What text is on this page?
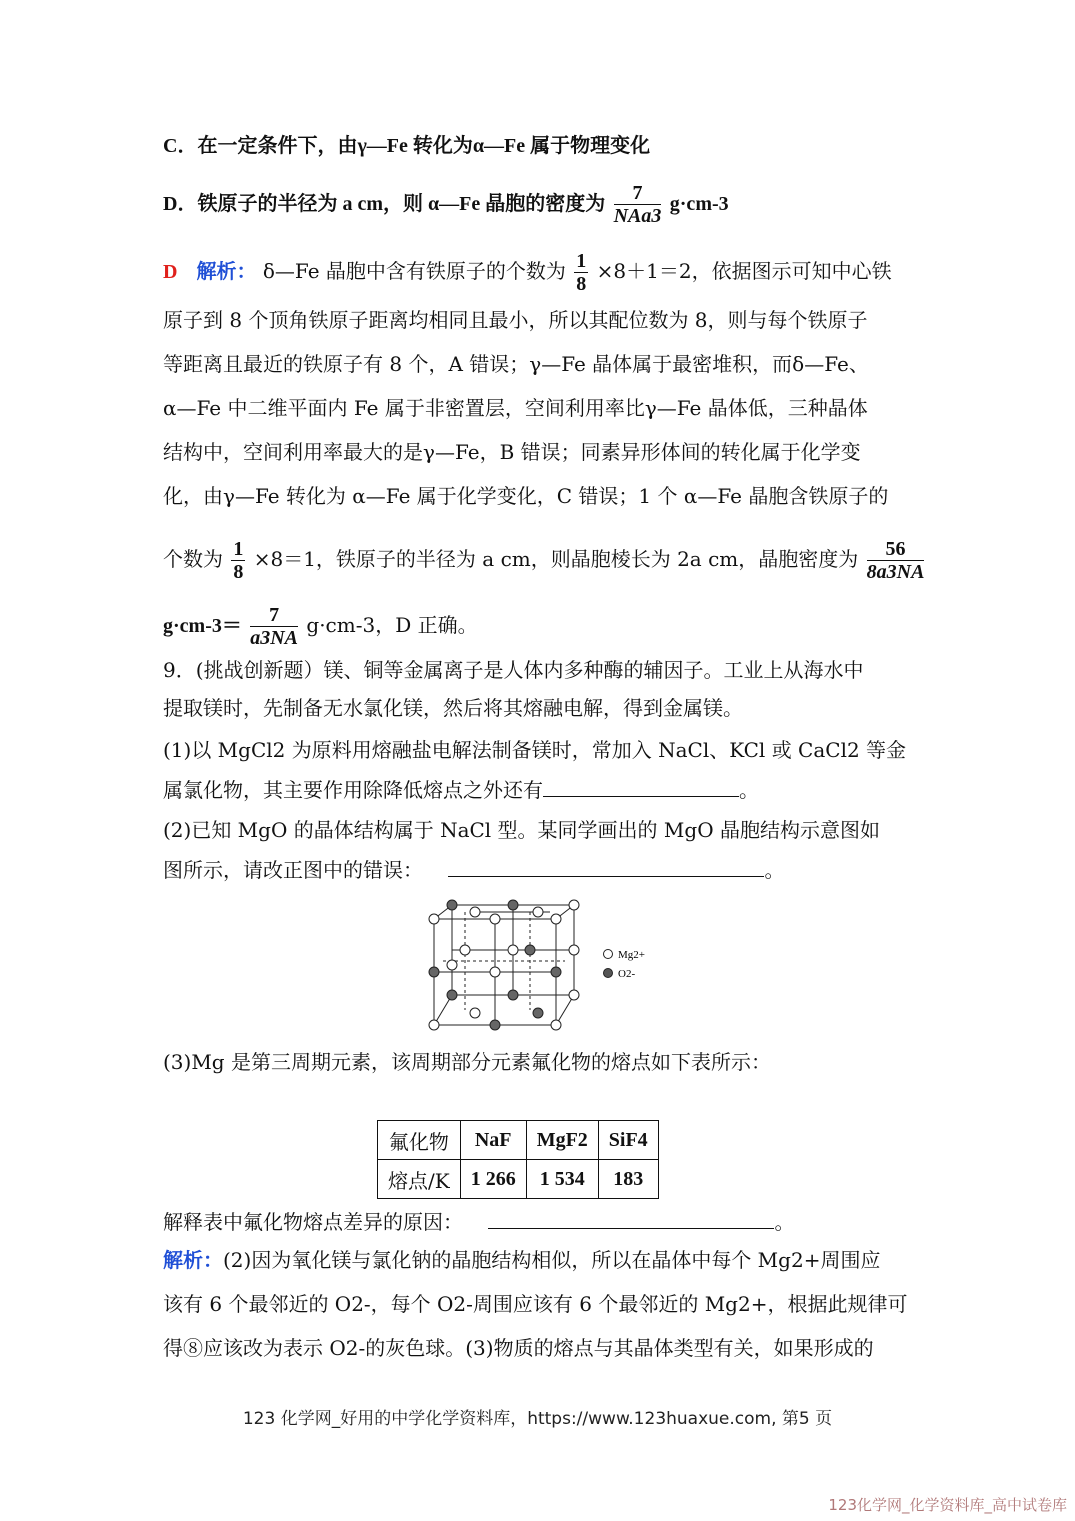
C．在一定条件下，由γ—Fe 转化为α—Fe 属于物理变化
D．铁原子的半径为 a cm，则 α—Fe 晶胞的密度为 $\frac{7}{\text{NAa3}} g\cdot cm-3$
D 解析： δ—Fe 晶胞中含有铁原子的个数为 $\frac{1}{8} \times 8+1=2$，依据图示可知中心铁
原子到 8 个顶角铁原子距离均相同且最小，所以其配位数为 8，则与每个铁原子
等距离且最近的铁原子有 8 个，A 错误；γ—Fe 晶体属于最密堆积，而δ—Fe、
α—Fe 中二维平面内 Fe 属于非密置层，空间利用率比γ—Fe 晶体低，三种晶体
结构中，空间利用率最大的是γ—Fe，B 错误；同素异形体间的转化属于化学变
化，由γ—Fe 转化为 α—Fe 属于化学变化，C 错误；1 个 α—Fe 晶胞含铁原子的
个数为 $\frac{1}{8} \times 8=1$，铁原子的半径为 a cm，则晶胞棱长为 2a cm，晶胞密度为 $\frac{56}{8a3NA}$
$g\cdot cm-3= \frac{7}{a3NA} g\cdot cm-3$，D 正确。
9．(挑战创新题）镁、铜等金属离子是人体内多种酶的辅因子。工业上从海水中
提取镁时，先制备无水氯化镁，然后将其熔融电解，得到金属镁。
(1)以 MgCl2 为原料用熔融盐电解法制备镁时，常加入 NaCl、KCl 或 CaCl2 等金
属氯化物，其主要作用除降低熔点之外还有	。
(2)已知 MgO 的晶体结构属于 NaCl 型。某同学画出的 MgO 晶胞结构示意图如
图所示，请改正图中的错误：	。
Mg2+
O2-
(3)Mg 是第三周期元素，该周期部分元素氟化物的熔点如下表所示：
氟化物	NaF	MgF2	SiF4
熔点/K	1 266	1 534	183
解释表中氟化物熔点差异的原因：	。
解析：(2)因为氧化镁与氯化钠的晶胞结构相似，所以在晶体中每个 Mg2+周围应
该有 6 个最邻近的 O2-，每个 O2-周围应该有 6 个最邻近的 Mg2+，根据此规律可
得⑧应该改为表示 O2-的灰色球。(3)物质的熔点与其晶体类型有关，如果形成的
123 化学网_好用的中学化学资料库，https://www.123huaxue.com, 第5 页
123化学网_化学资料库_高中试卷库
